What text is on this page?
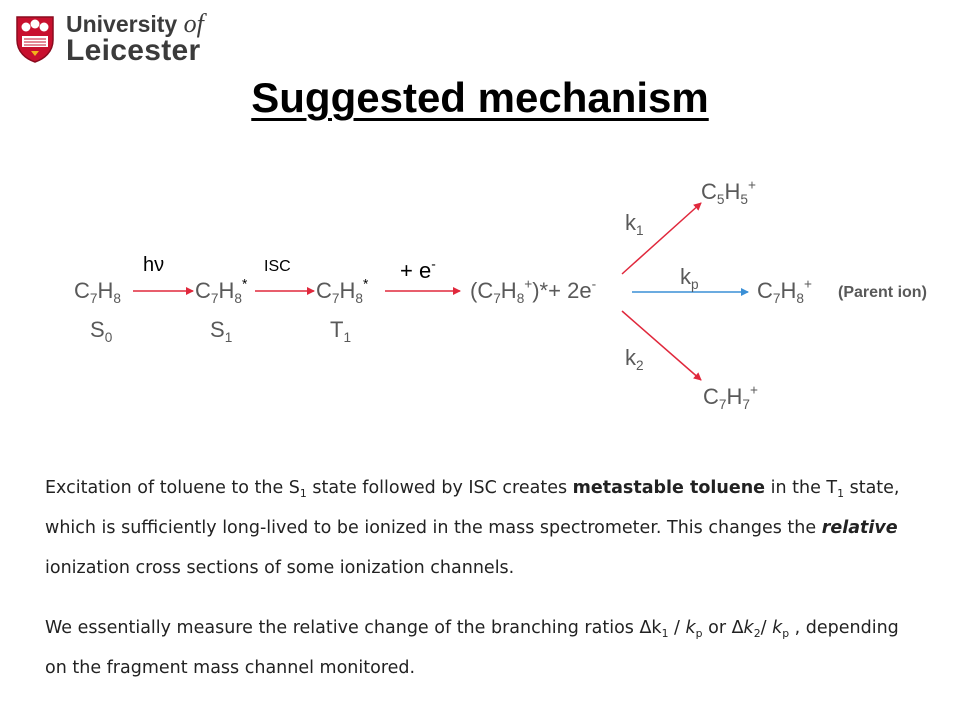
University of
Leicester
Suggested mechanism
$C_7H_8$
$S_0$
hν
$C_7H_8^*$
$S_1$
ISC
$C_7H_8^*$
$T_1$
+ e-
$(C_7H_8^+)*+ 2e^-$
$k_1$
$k_p$
$k_2$
$C_5H_5^+$
$C_7H_8^+$
(Parent ion)
$C_7H_7^+$
Excitation of toluene to the $S_1$ state followed by ISC creates metastable toluene in the $T_1$ state, which is sufficiently long-lived to be ionized in the mass spectrometer. This changes the relative ionization cross sections of some ionization channels.
We essentially measure the relative change of the branching ratios $\Delta k_1 / k_p$ or $\Delta k_2/$ $k_p$ , depending on the fragment mass channel monitored.
